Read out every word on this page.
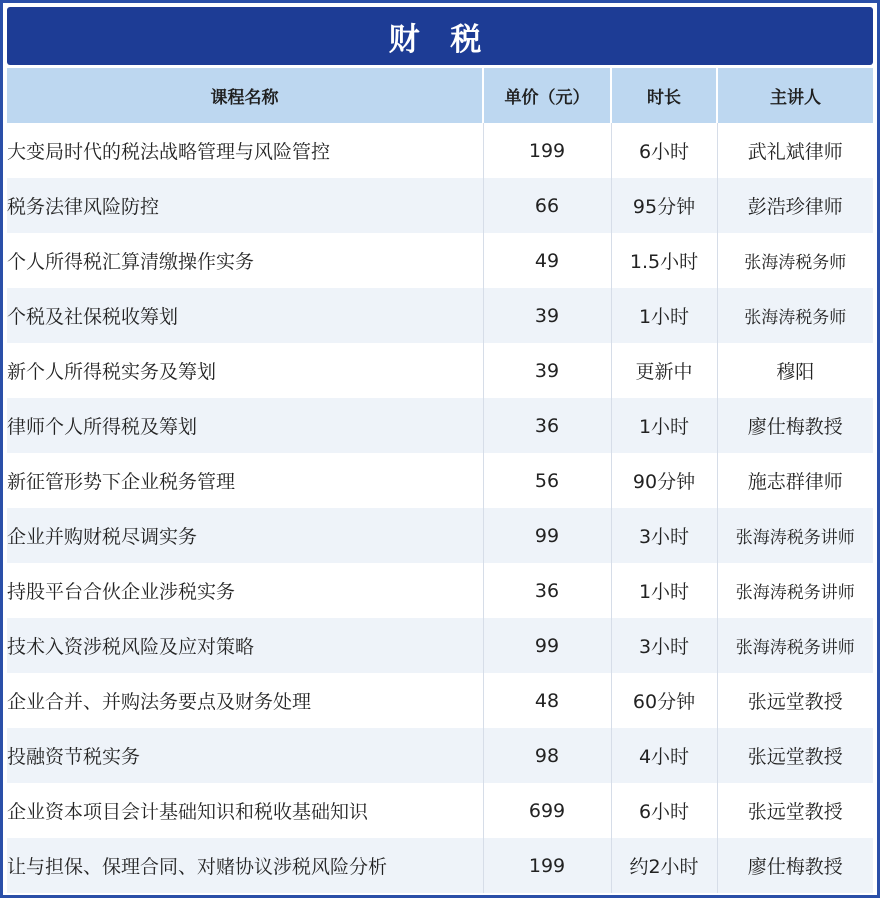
财 税
课程名称	单价（元）	时长	主讲人
大变局时代的税法战略管理与风险管控	199	6小时	武礼斌律师
税务法律风险防控	66	95分钟	彭浩珍律师
个人所得税汇算清缴操作实务	49	1.5小时	张海涛税务师
个税及社保税收筹划	39	1小时	张海涛税务师
新个人所得税实务及筹划	39	更新中	穆阳
律师个人所得税及筹划	36	1小时	廖仕梅教授
新征管形势下企业税务管理	56	90分钟	施志群律师
企业并购财税尽调实务	99	3小时	张海涛税务讲师
持股平台合伙企业涉税实务	36	1小时	张海涛税务讲师
技术入资涉税风险及应对策略	99	3小时	张海涛税务讲师
企业合并、并购法务要点及财务处理	48	60分钟	张远堂教授
投融资节税实务	98	4小时	张远堂教授
企业资本项目会计基础知识和税收基础知识	699	6小时	张远堂教授
让与担保、保理合同、对赌协议涉税风险分析	199	约2小时	廖仕梅教授
